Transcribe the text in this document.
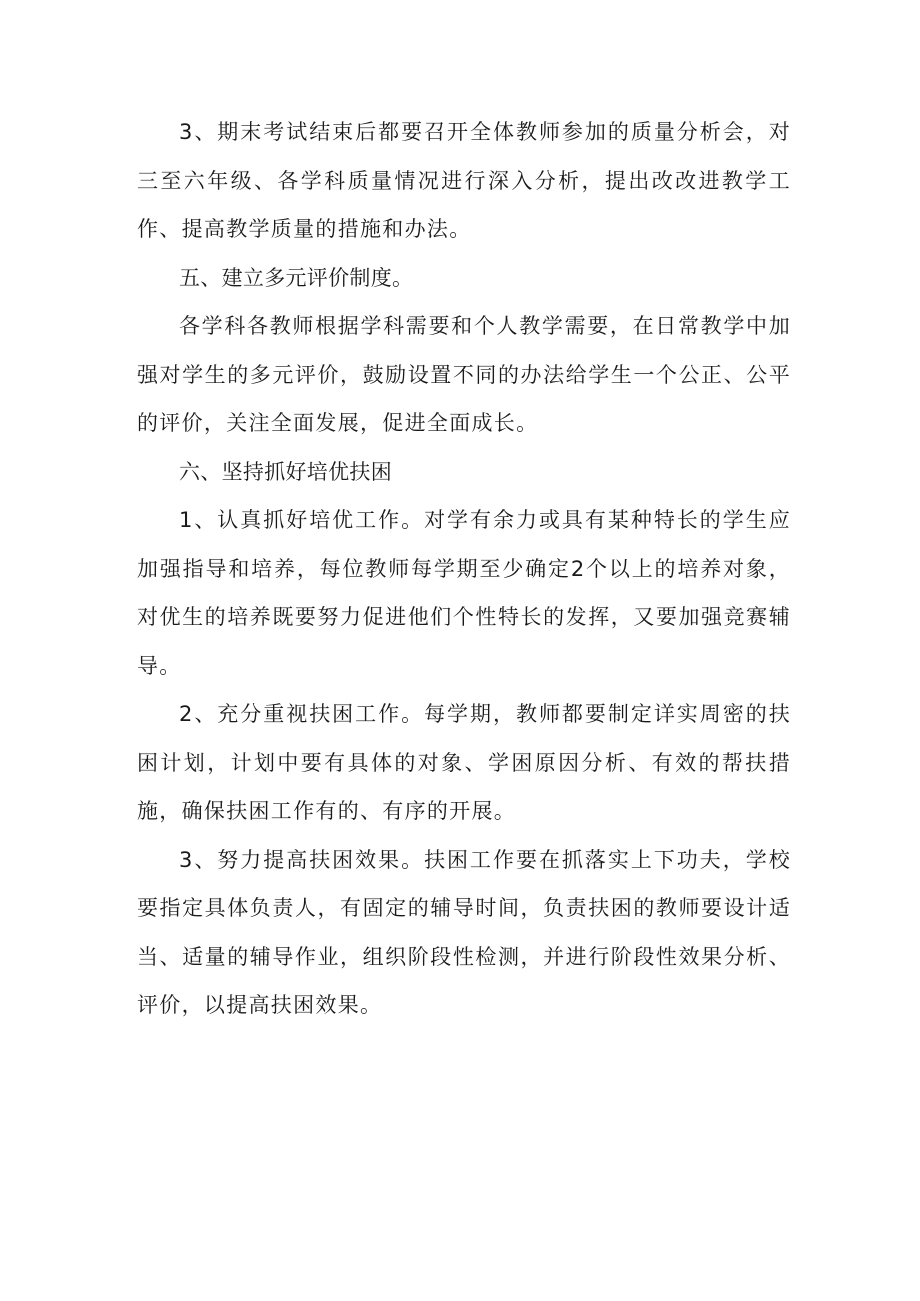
3、期末考试结束后都要召开全体教师参加的质量分析会，对三至六年级、各学科质量情况进行深入分析，提出改改进教学工作、提高教学质量的措施和办法。

五、建立多元评价制度。

各学科各教师根据学科需要和个人教学需要，在日常教学中加强对学生的多元评价，鼓励设置不同的办法给学生一个公正、公平的评价，关注全面发展，促进全面成长。

六、坚持抓好培优扶困

1、认真抓好培优工作。对学有余力或具有某种特长的学生应加强指导和培养，每位教师每学期至少确定2个以上的培养对象，对优生的培养既要努力促进他们个性特长的发挥，又要加强竞赛辅导。

2、充分重视扶困工作。每学期，教师都要制定详实周密的扶困计划，计划中要有具体的对象、学困原因分析、有效的帮扶措施，确保扶困工作有的、有序的开展。

3、努力提高扶困效果。扶困工作要在抓落实上下功夫，学校要指定具体负责人，有固定的辅导时间，负责扶困的教师要设计适当、适量的辅导作业，组织阶段性检测，并进行阶段性效果分析、评价，以提高扶困效果。
